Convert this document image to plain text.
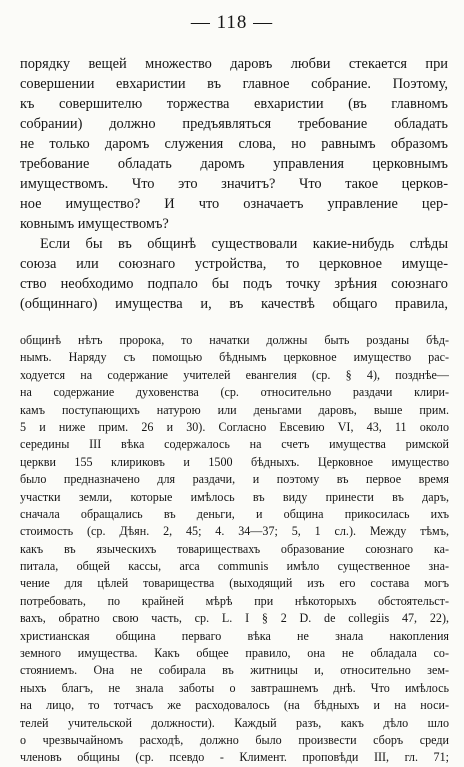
— 118 —
порядку вещей множество даровъ любви стекается при
совершении евхаристии въ главное собрание. Поэтому,
къ совершителю торжества евхаристии (въ главномъ
собрании) должно предъявляться требование обладать
не только даромъ служения слова, но равнымъ образомъ
требование обладать даромъ управления церковнымъ
имуществомъ. Что это значитъ? Что такое церков-
ное имущество? И что означаетъ управление цер-
ковнымъ имуществомъ?
Если бы въ общинѣ существовали какие-нибудь слѣды
союза или союзнаго устройства, то церковное имуще-
ство необходимо подпало бы подъ точку зрѣния союзнаго
(общиннаго) имущества и, въ качествѣ общаго правила,
общинѣ нѣтъ пророка, то начатки должны быть розданы бѣд-
нымъ. Наряду съ помощью бѣднымъ церковное имущество рас-
ходуется на содержание учителей евангелия (ср. § 4), позднѣе—
на содержание духовенства (ср. относительно раздачи клири-
камъ поступающихъ натурою или деньгами даровъ, выше прим.
5 и ниже прим. 26 и 30). Согласно Евсевию VI, 43, 11 около
середины III вѣка содержалось на счетъ имущества римской
церкви 155 клириковъ и 1500 бѣдныхъ. Церковное имущество
было предназначено для раздачи, и поэтому въ первое время
участки земли, которые имѣлось въ виду принести въ даръ,
сначала обращались въ деньги, и община прикосилась ихъ
стоимость (ср. Дѣян. 2, 45; 4. 34—37; 5, 1 сл.). Между тѣмъ,
какъ въ языческихъ товариществахъ образование союзнаго ка-
питала, общей кассы, arca communis имѣло существенное зна-
чение для цѣлей товарищества (выходящий изъ его состава могъ
потребовать, по крайней мѣрѣ при нѣкоторыхъ обстоятельст-
вахъ, обратно свою часть, ср. L. I § 2 D. de collegiis 47, 22),
христианская община перваго вѣка не знала накопления
земного имущества. Какъ общее правило, она не обладала со-
стояниемъ. Она не собирала въ житницы и, относительно зем-
ныхъ благъ, не знала заботы о завтрашнемъ днѣ. Что имѣлось
на лицо, то тотчасъ же расходовалось (на бѣдныхъ и на носи-
телей учительской должности). Каждый разъ, какъ дѣло шло
о чрезвычайномъ расходѣ, должно было произвести сборъ среди
членовъ общины (ср. псевдо - Климент. проповѣди III, гл. 71;
